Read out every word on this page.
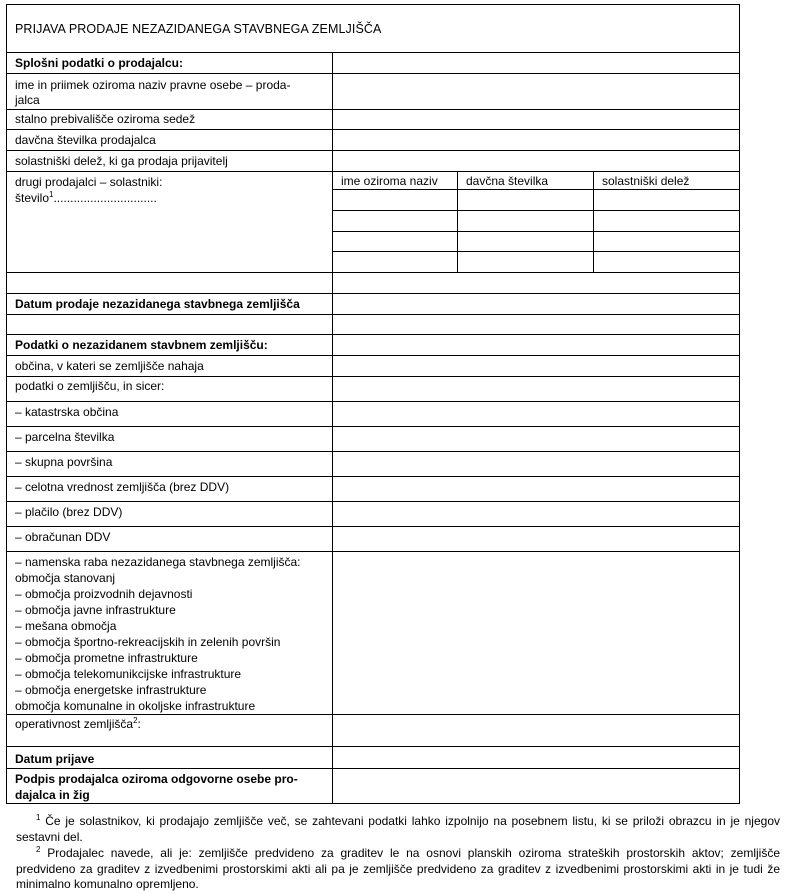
PRIJAVA PRODAJE NEZAZIDANEGA STAVBNEGA ZEMLJIŠČA
Splošni podatki o prodajalcu:
ime in priimek oziroma naziv pravne osebe – proda-
jalca
stalno prebivališče oziroma sedež
davčna številka prodajalca
solastniški delež, ki ga prodaja prijavitelj
drugi prodajalci – solastniki:
število$^1$...............................
ime oziroma naziv davčna številka	solastniški delež
Datum prodaje nezazidanega stavbnega zemljišča
Podatki o nezazidanem stavbnem zemljišču:
občina, v kateri se zemljišče nahaja
podatki o zemljišču, in sicer:
– katastrska občina
– parcelna številka
– skupna površina
– celotna vrednost zemljišča (brez DDV)
– plačilo (brez DDV)
– obračunan DDV
– namenska raba nezazidanega stavbnega zemljišča:
območja stanovanj
– območja proizvodnih dejavnosti
– območja javne infrastrukture
– mešana območja
– območja športno-rekreacijskih in zelenih površin
– območja prometne infrastrukture
– območja telekomunikcijske infrastrukture
– območja energetske infrastrukture
območja komunalne in okoljske infrastrukture
operativnost zemljišča$^2$:
Datum prijave
Podpis prodajalca oziroma odgovorne osebe pro-
dajalca in žig
$^1$ Če je solastnikov, ki prodajajo zemljišče več, se zahtevani podatki lahko izpolnijo na posebnem listu, ki se priloži obrazcu in je njegov sestavni del.
$^2$ Prodajalec navede, ali je: zemljišče predvideno za graditev le na osnovi planskih oziroma strateških prostorskih aktov; zemljišče predvideno za graditev z izvedbenimi prostorskimi akti ali pa je zemljišče predvideno za graditev z izvedbenimi prostorskimi akti in je tudi že minimalno komunalno opremljeno.
